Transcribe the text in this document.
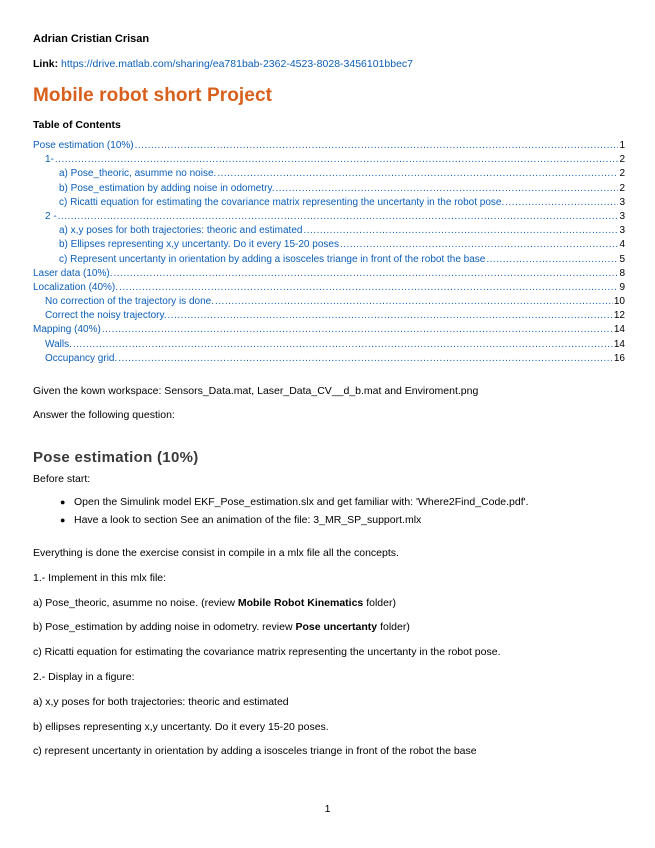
Adrian Cristian Crisan
Link: https://drive.matlab.com/sharing/ea781bab-2362-4523-8028-3456101bbec7
Mobile robot short Project
Table of Contents
Pose estimation (10%) .....	1
1- .....	2
a) Pose_theoric, asumme no noise. .....	2
b) Pose_estimation by adding noise in odometry. .....	2
c) Ricatti equation for estimating the covariance matrix representing the uncertanty in the robot pose. .....	3
2 - .....	3
a) x,y poses for both trajectories: theoric and estimated .....	3
b) Ellipses representing x,y uncertanty. Do it every 15-20 poses .....	4
c) Represent uncertanty in orientation by adding a isosceles triange in front of the robot the base .....	5
Laser data (10%). .....	8
Localization (40%). .....	9
No correction of the trajectory is done. .....	10
Correct the noisy trajectory. .....	12
Mapping (40%) .....	14
Walls. .....	14
Occupancy grid. .....	16
Given the kown workspace: Sensors_Data.mat, Laser_Data_CV__d_b.mat and Enviroment.png
Answer the following question:
Pose estimation (10%)
Before start:
● Open the Simulink model EKF_Pose_estimation.slx and get familiar with: 'Where2Find_Code.pdf'.
● Have a look to section See an animation of the file: 3_MR_SP_support.mlx
Everything is done the exercise consist in compile in a mlx file all the concepts.
1.- Implement in this mlx file:
a) Pose_theoric, asumme no noise. (review Mobile Robot Kinematics folder)
b) Pose_estimation by adding noise in odometry. review Pose uncertanty folder)
c) Ricatti equation for estimating the covariance matrix representing the uncertanty in the robot pose.
2.- Display in a figure:
a) x,y poses for both trajectories: theoric and estimated
b) ellipses representing x,y uncertanty. Do it every 15-20 poses.
c) represent uncertanty in orientation by adding a isosceles triange in front of the robot the base
1
